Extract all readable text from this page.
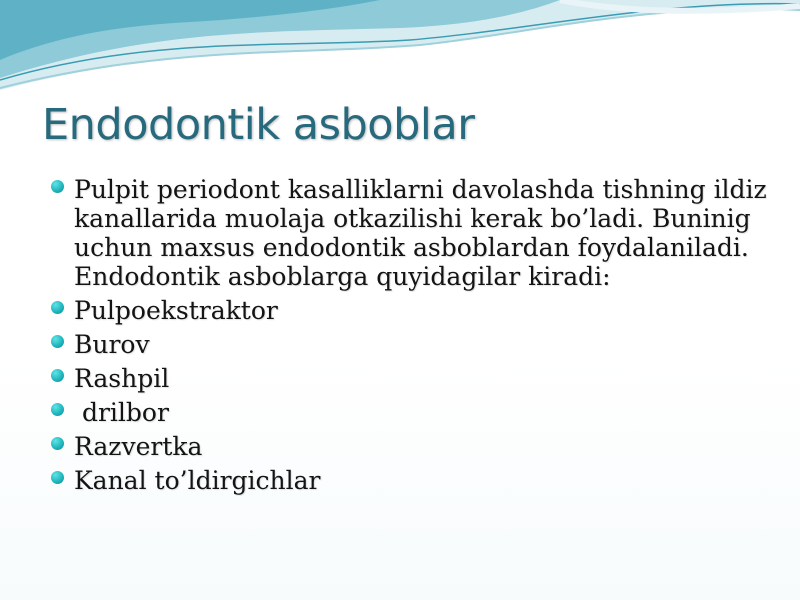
Endodontik asboblar
Pulpit periodont kasalliklarni davolashda tishning ildiz kanallarida muolaja otkazilishi kerak bo’ladi. Buninig uchun maxsus endodontik asboblardan foydalaniladi. Endodontik asboblarga quyidagilar kiradi:
Pulpoekstraktor
Burov
Rashpil
drilbor
Razvertka
Kanal to’ldirgichlar
